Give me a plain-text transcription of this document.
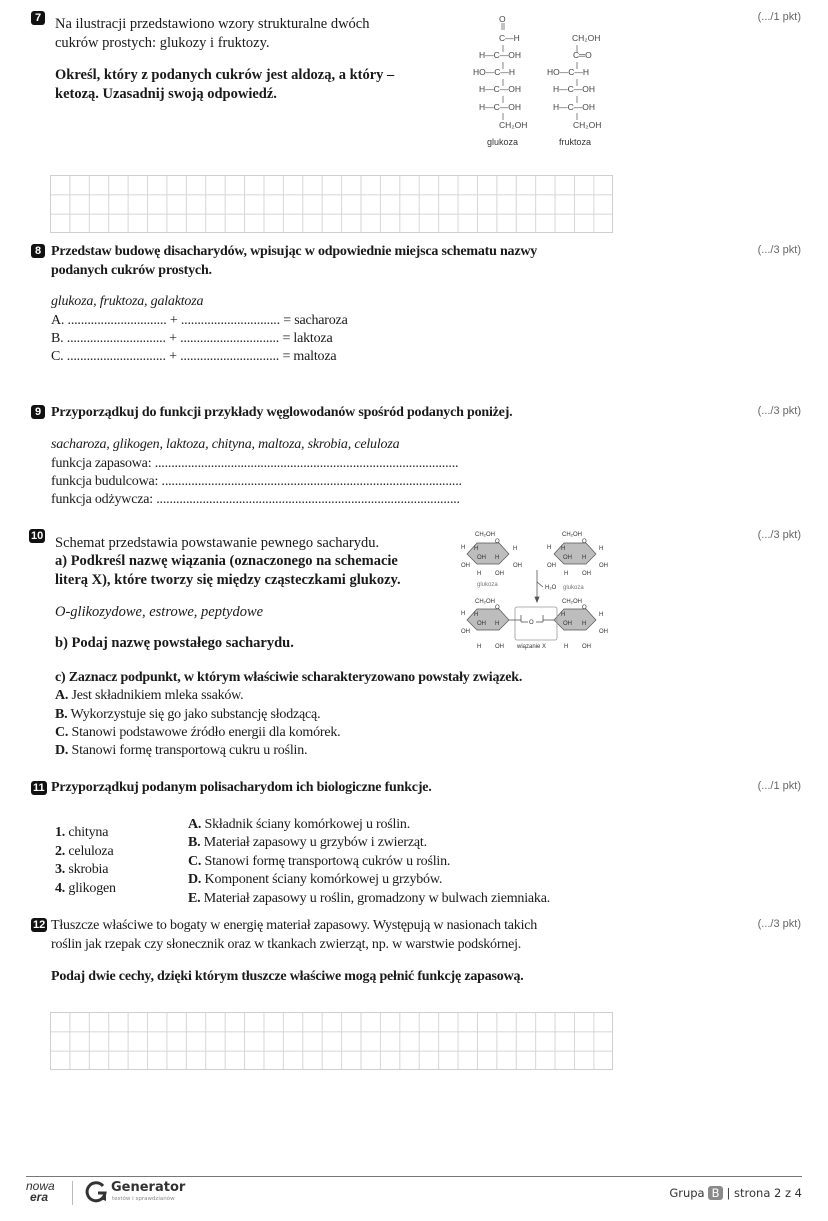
7 Na ilustracji przedstawiono wzory strukturalne dwóch
cukrów prostych: glukozy i fruktozy.
Określ, który z podanych cukrów jest aldozą, a który –
ketozą. Uzasadnij swoją odpowiedź.
(.../1 pkt)
O
C—H
H—C—OH
HO—C—H
H—C—OH
H—C—OH
CH₂OH
glukoza
CH₂OH
C═O
HO—C—H
H—C—OH
H—C—OH
CH₂OH
fruktoza
8 Przedstaw budowę disacharydów, wpisując w odpowiednie miejsca schematu nazwy
podanych cukrów prostych.
(.../3 pkt)
glukoza, fruktoza, galaktoza
A. .............................. + .............................. = sacharoza
B. .............................. + .............................. = laktoza
C. .............................. + .............................. = maltoza
9 Przyporządkuj do funkcji przykłady węglowodanów spośród podanych poniżej.	(.../3 pkt)
sacharoza, glikogen, laktoza, chityna, maltoza, skrobia, celuloza
funkcja zapasowa: ............................................................................................
funkcja budulcowa: ...........................................................................................
funkcja odżywcza: ............................................................................................
10 Schemat przedstawia powstawanie pewnego sacharydu.
a) Podkreśl nazwę wiązania (oznaczonego na schemacie
literą X), które tworzy się między cząsteczkami glukozy.
O-glikozydowe, estrowe, peptydowe
b) Podaj nazwę powstałego sacharydu.
(.../3 pkt)
CH₂OH
O
H H	H
OH
OH H
OH
H OH
glukoza
CH₂OH
O
H H	H
OH
OH H
OH
H OH
H₂O glukoza
CH₂OH
O
H H
OH
OH H
H OH
CH₂OH
O
H	H
OH H
OH
H OH
O
wiązanie X
c) Zaznacz podpunkt, w którym właściwie scharakteryzowano powstały związek.
A. Jest składnikiem mleka ssaków.
B. Wykorzystuje się go jako substancję słodzącą.
C. Stanowi podstawowe źródło energii dla komórek.
D. Stanowi formę transportową cukru u roślin.
11 Przyporządkuj podanym polisacharydom ich biologiczne funkcje.	(.../1 pkt)
1. chityna
2. celuloza
3. skrobia
4. glikogen
A. Składnik ściany komórkowej u roślin.
B. Materiał zapasowy u grzybów i zwierząt.
C. Stanowi formę transportową cukrów u roślin.
D. Komponent ściany komórkowej u grzybów.
E. Materiał zapasowy u roślin, gromadzony w bulwach ziemniaka.
12 Tłuszcze właściwe to bogaty w energię materiał zapasowy. Występują w nasionach takich
roślin jak rzepak czy słonecznik oraz w tkankach zwierząt, np. w warstwie podskórnej.
Podaj dwie cechy, dzięki którym tłuszcze właściwe mogą pełnić funkcję zapasową.
(.../3 pkt)
nowa
era
Generator
testów i sprawdzianów	Grupa B | strona 2 z 4
